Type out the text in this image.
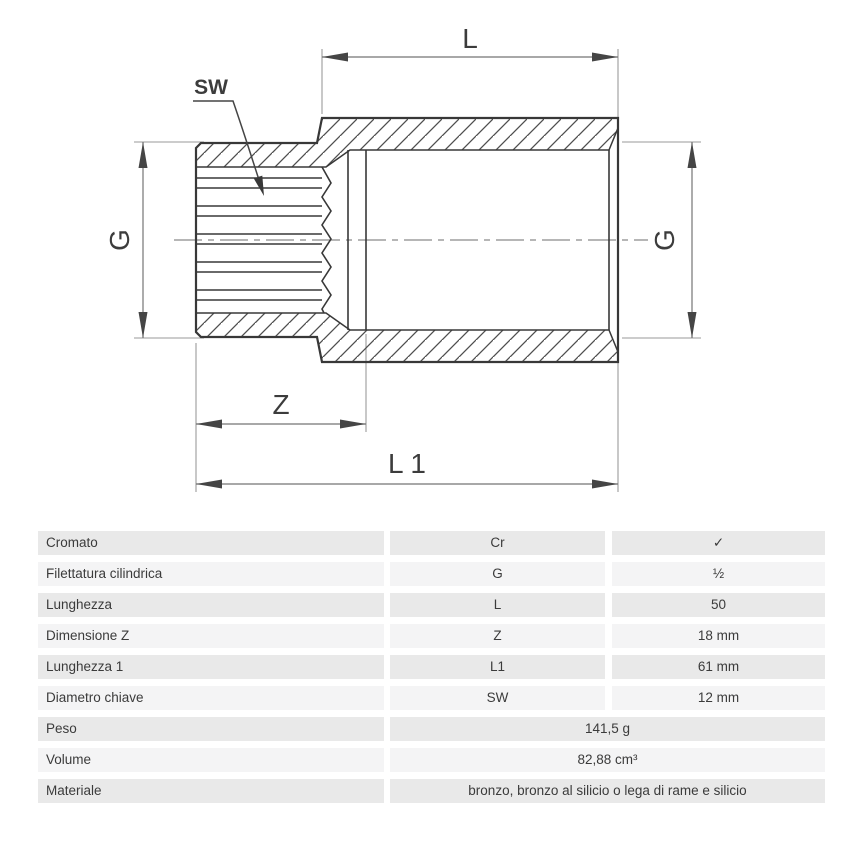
L
SW
G	G
Z
L 1
Cromato	Cr	✓
Filettatura cilindrica	G	½
Lunghezza	L	50
Dimensione Z	Z	18 mm
Lunghezza 1	L1	61 mm
Diametro chiave	SW	12 mm
Peso	141,5 g
Volume	82,88 cm³
Materiale	bronzo, bronzo al silicio o lega di rame e silicio
